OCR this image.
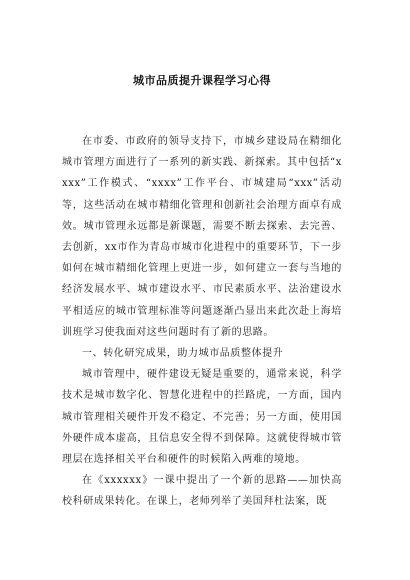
城市品质提升课程学习心得

在市委、市政府的领导支持下，市城乡建设局在精细化城市管理方面进行了一系列的新实践、新探索。其中包括“xxxx”工作模式、“xxxx”工作平台、市城建局“xxx”活动等，这些活动在城市精细化管理和创新社会治理方面卓有成效。城市管理永远都是新课题，需要不断去探索、去完善、去创新，xx市作为青岛市城市化进程中的重要环节，下一步如何在城市精细化管理上更进一步，如何建立一套与当地的经济发展水平、城市建设水平、市民素质水平、法治建设水平相适应的城市管理标准等问题逐渐凸显出来此次赴上海培训班学习使我面对这些问题时有了新的思路。

一、转化研究成果，助力城市品质整体提升

城市管理中，硬件建设无疑是重要的，通常来说，科学技术是城市数字化、智慧化进程中的拦路虎，一方面，国内城市管理相关硬件开发不稳定、不完善；另一方面，使用国外硬件成本虚高，且信息安全得不到保障。这就使得城市管理层在选择相关平台和硬件的时候陷入两难的境地。

在《xxxxxx》一课中提出了一个新的思路——加快高校科研成果转化。在课上，老师列举了美国拜杜法案，既
